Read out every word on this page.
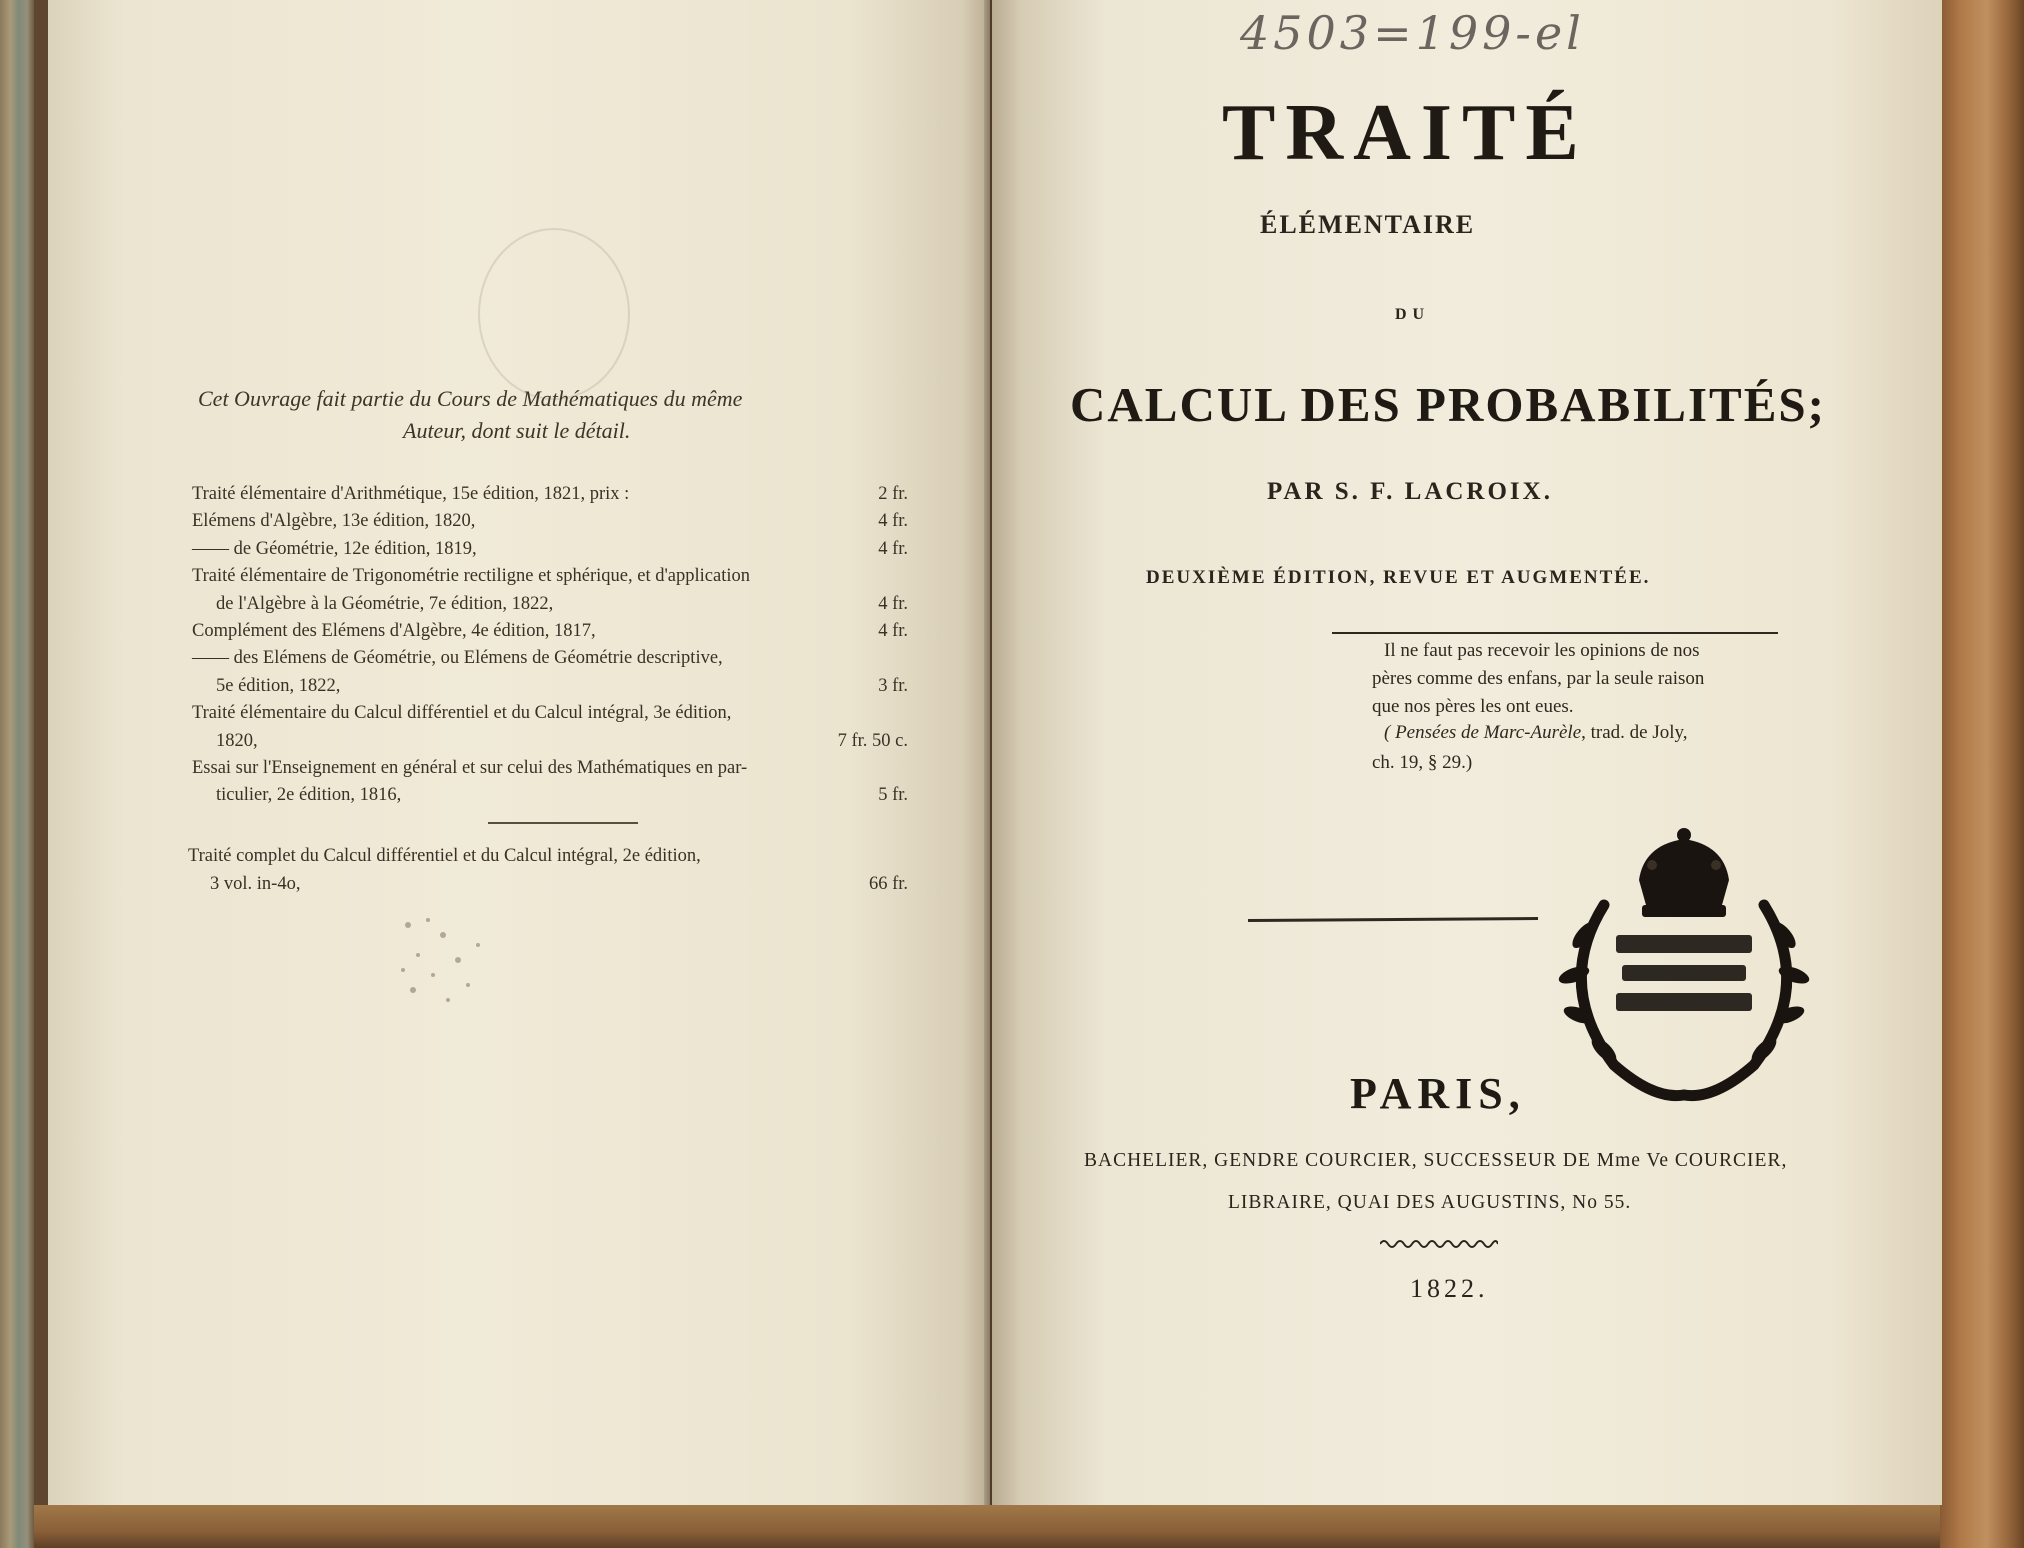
Cet Ouvrage fait partie du Cours de Mathématiques du même
Auteur, dont suit le détail.
Traité élémentaire d'Arithmétique, 15e édition, 1821, prix :	2 fr.
Elémens d'Algèbre, 13e édition, 1820,	4 fr.
—— de Géométrie, 12e édition, 1819,	4 fr.
Traité élémentaire de Trigonométrie rectiligne et sphérique, et d'application
de l'Algèbre à la Géométrie, 7e édition, 1822,	4 fr.
Complément des Elémens d'Algèbre, 4e édition, 1817,	4 fr.
—— des Elémens de Géométrie, ou Elémens de Géométrie descriptive,
5e édition, 1822,	3 fr.
Traité élémentaire du Calcul différentiel et du Calcul intégral, 3e édition,
1820,	7 fr. 50 c.
Essai sur l'Enseignement en général et sur celui des Mathématiques en par-
ticulier, 2e édition, 1816,	5 fr.
Traité complet du Calcul différentiel et du Calcul intégral, 2e édition,
3 vol. in-4o,	66 fr.
4503=199-el
TRAITÉ
ÉLÉMENTAIRE
DU
CALCUL DES PROBABILITÉS;
PAR S. F. LACROIX.
DEUXIÈME ÉDITION, REVUE ET AUGMENTÉE.
Il ne faut pas recevoir les opinions de nos
pères comme des enfans, par la seule raison
que nos pères les ont eues.
( Pensées de Marc-Aurèle, trad. de Joly,
ch. 19, § 29.)
PARIS,
BACHELIER, GENDRE COURCIER, SUCCESSEUR DE Mme Ve COURCIER,
LIBRAIRE, QUAI DES AUGUSTINS, No 55.
1822.
